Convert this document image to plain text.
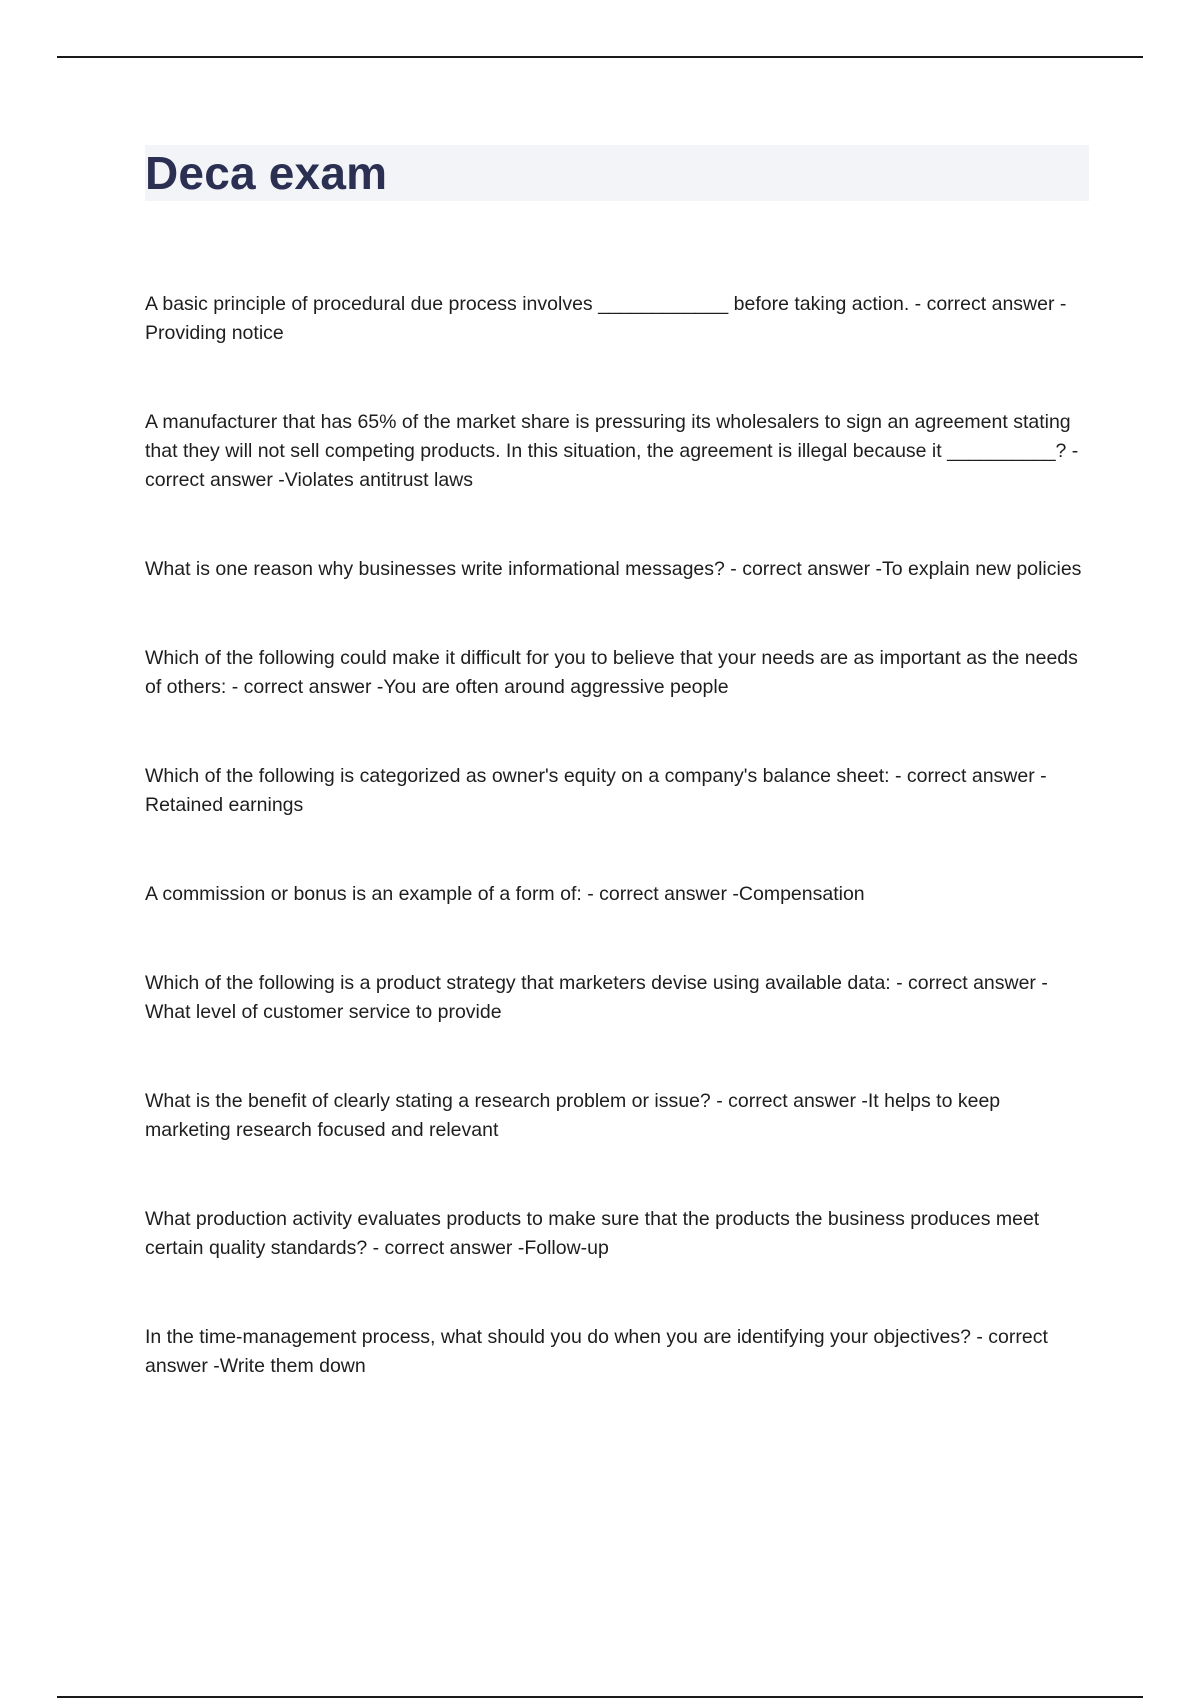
Deca exam
A basic principle of procedural due process involves ____________ before taking action. - correct answer -Providing notice
A manufacturer that has 65% of the market share is pressuring its wholesalers to sign an agreement stating that they will not sell competing products. In this situation, the agreement is illegal because it __________? - correct answer -Violates antitrust laws
What is one reason why businesses write informational messages? - correct answer -To explain new policies
Which of the following could make it difficult for you to believe that your needs are as important as the needs of others: - correct answer -You are often around aggressive people
Which of the following is categorized as owner's equity on a company's balance sheet: - correct answer -Retained earnings
A commission or bonus is an example of a form of: - correct answer -Compensation
Which of the following is a product strategy that marketers devise using available data: - correct answer -What level of customer service to provide
What is the benefit of clearly stating a research problem or issue? - correct answer -It helps to keep marketing research focused and relevant
What production activity evaluates products to make sure that the products the business produces meet certain quality standards? - correct answer -Follow-up
In the time-management process, what should you do when you are identifying your objectives? - correct answer -Write them down
